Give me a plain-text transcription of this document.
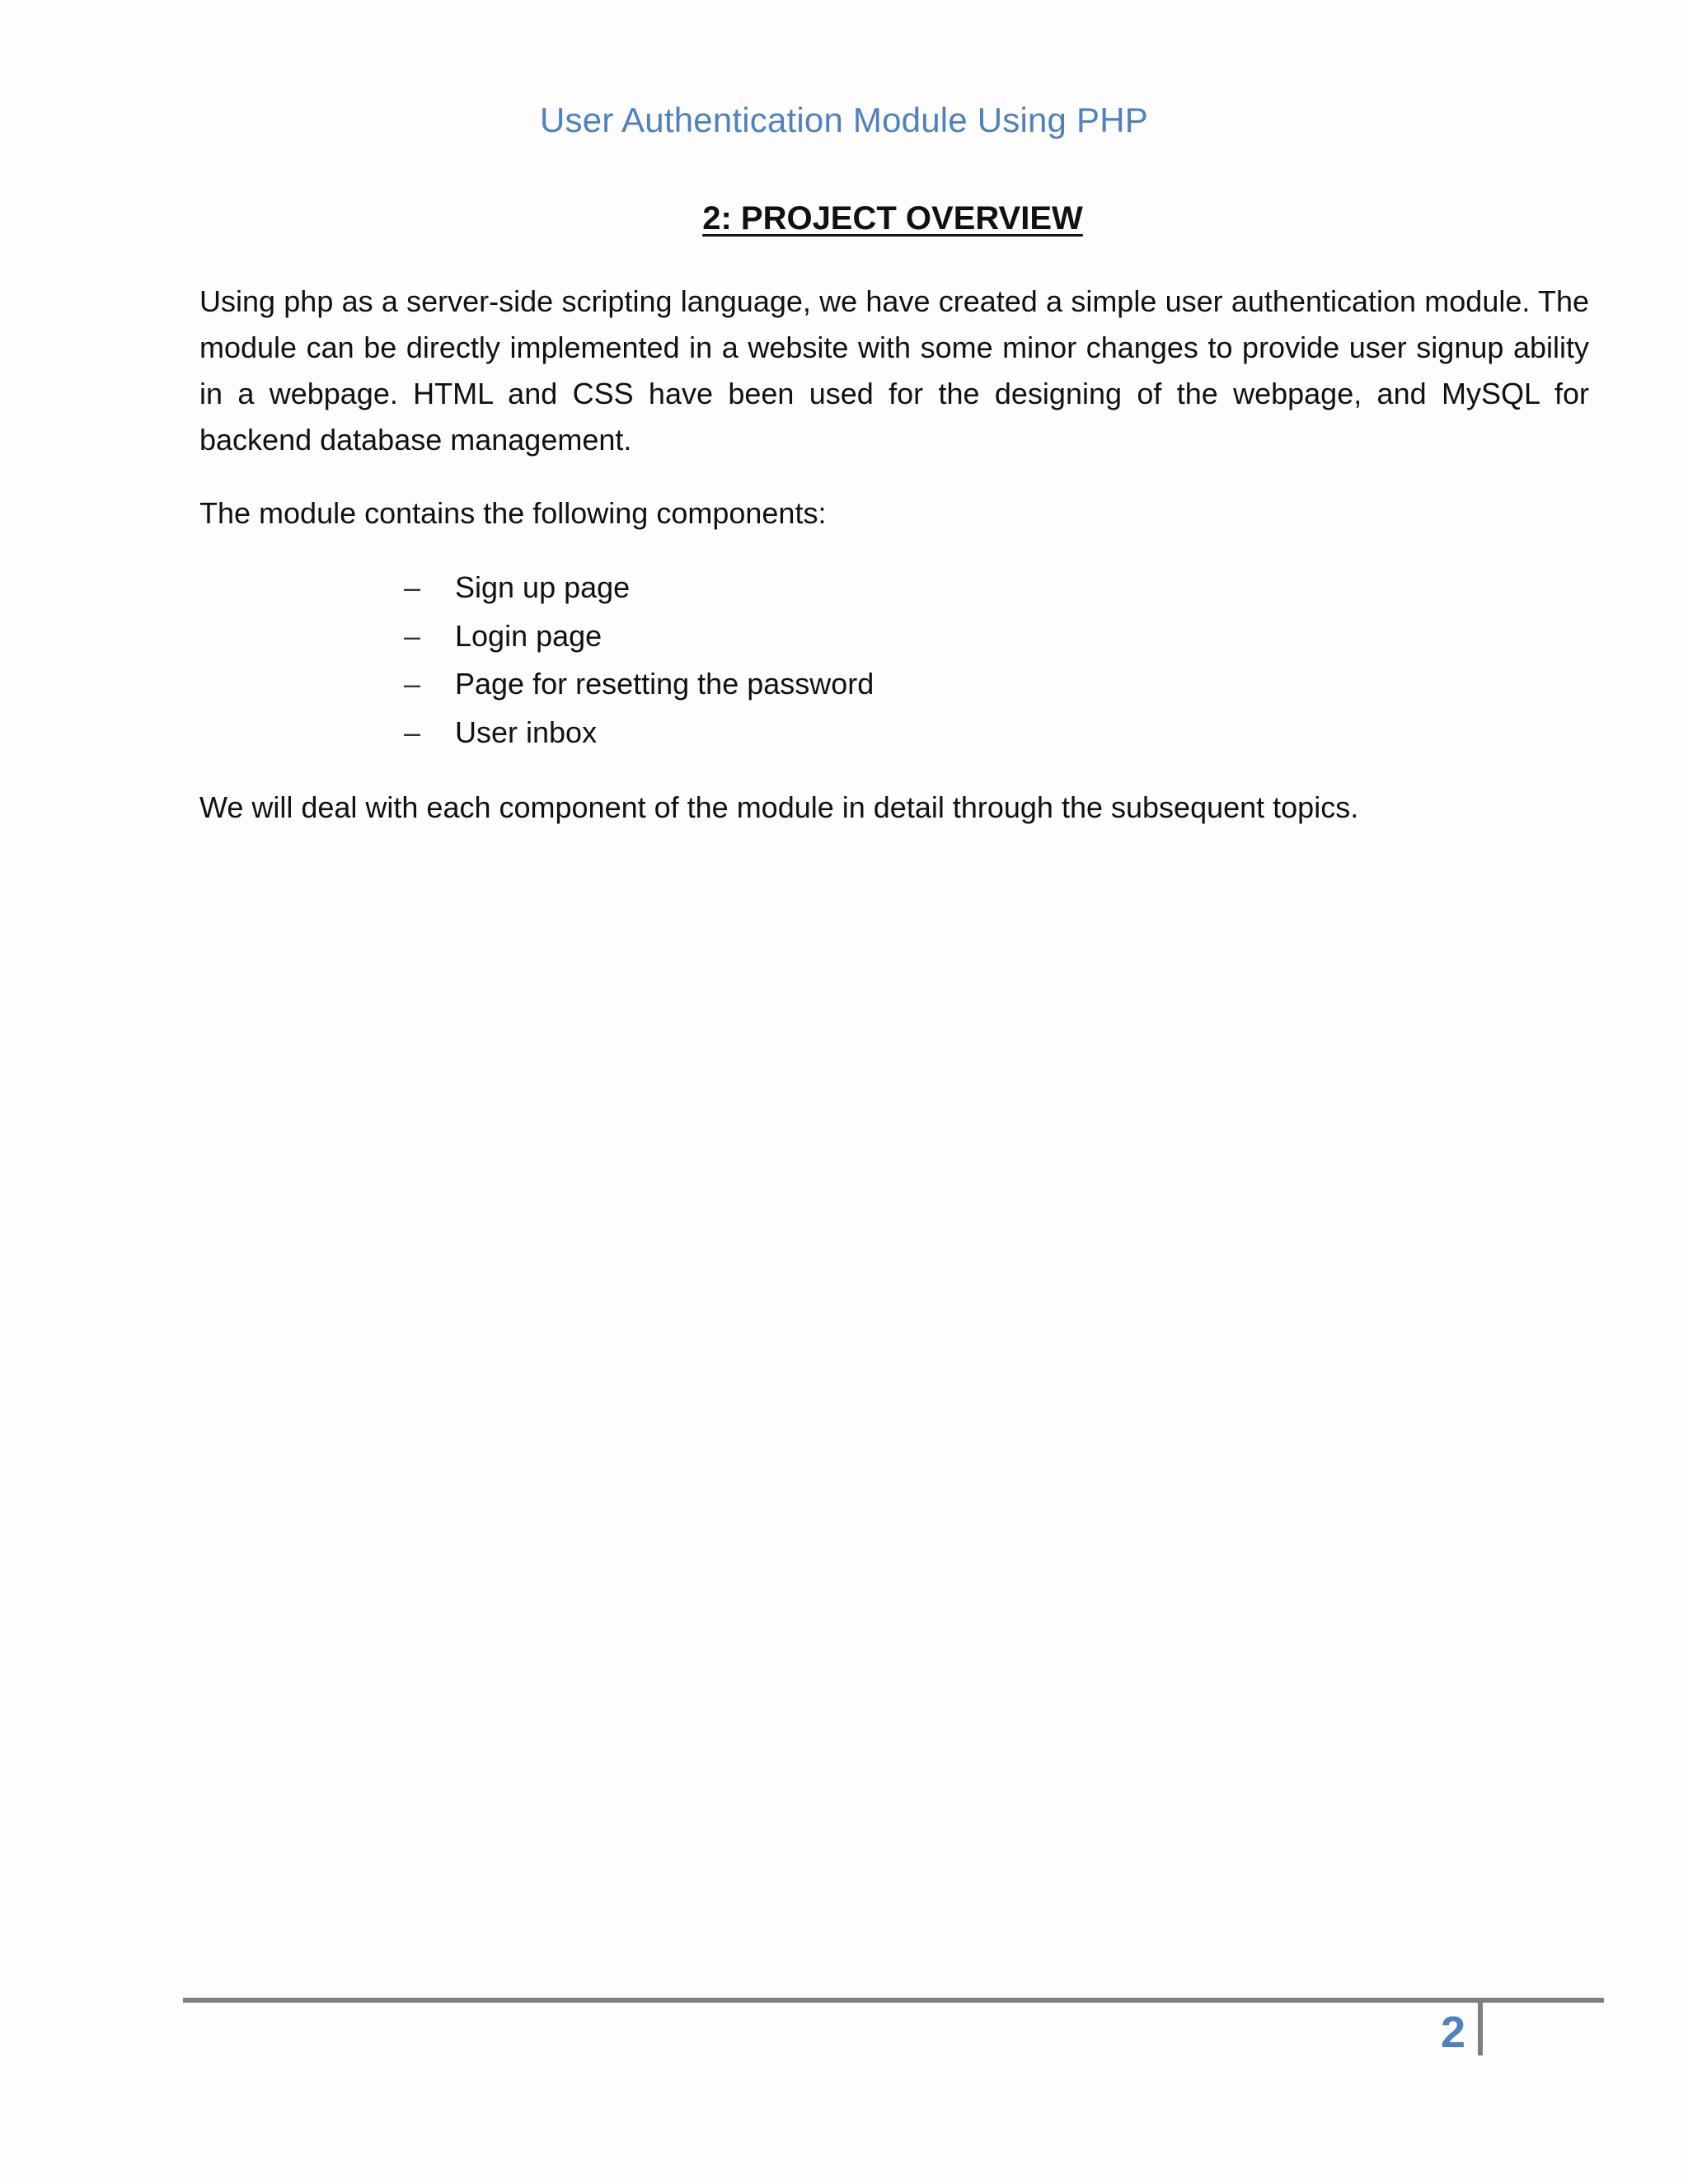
User Authentication Module Using PHP
2: PROJECT OVERVIEW

Using php as a server-side scripting language, we have created a simple user authentication module. The module can be directly implemented in a website with some minor changes to provide user signup ability in a webpage. HTML and CSS have been used for the designing of the webpage, and MySQL for backend database management.

The module contains the following components:

– Sign up page
– Login page
– Page for resetting the password
– User inbox

We will deal with each component of the module in detail through the subsequent topics.

2
